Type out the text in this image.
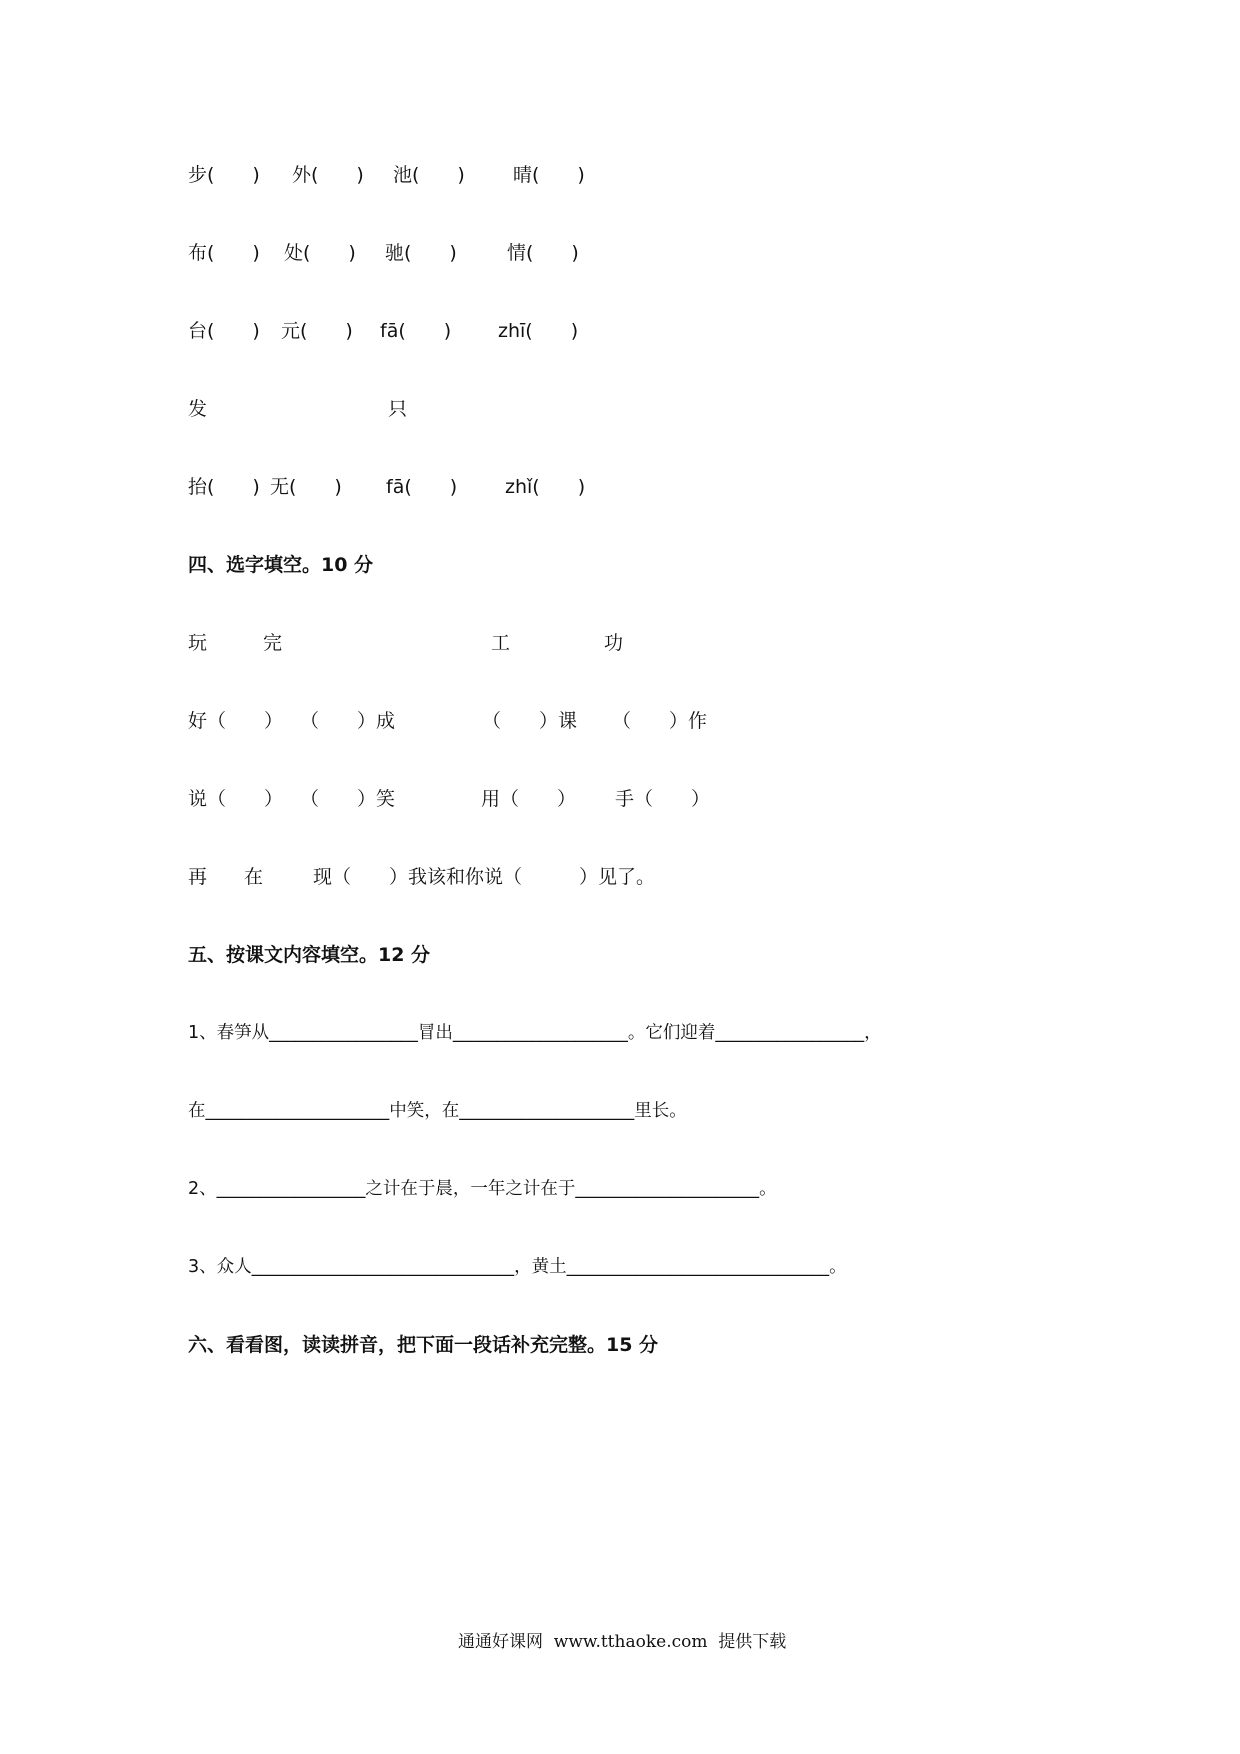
步(　　) 外(　　) 池(　　)	晴(　　)
布(　　) 处(　　) 驰(　　)	情(　　)
台(　　) 元(　　) fā(　　) zhī(　　)
发	只
抬(　　) 无(　　) fā(　　)	zhǐ(　　)
四、选字填空。10 分
玩	完	工	功
好（　　） （　　）成	（　　）课 （　　）作
说（　　） （　　）笑	用（　　） 手（　　）
再 在	现（　　）我该和你说（　　　）见了。
五、按课文内容填空。12 分
1、春笋从_________________冒出____________________。它们迎着_________________，
在_____________________中笑，在____________________里长。
2、_________________之计在于晨，一年之计在于_____________________。
3、众人______________________________，黄土______________________________。
六、看看图，读读拼音，把下面一段话补充完整。15 分
通通好课网  www.tthaoke.com  提供下载
